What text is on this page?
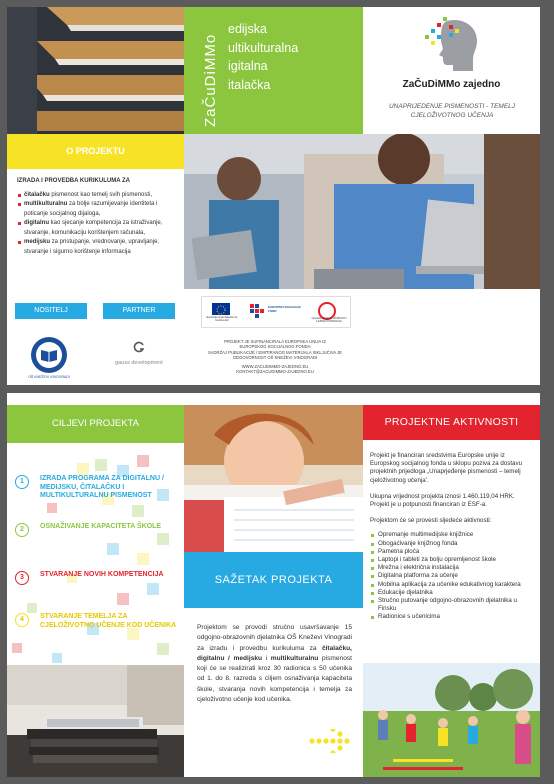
ZaČuDiMMo
edijska
ultikulturalna
igitalna
italačka	ZaČuDiMMo zajedno
UNAPRIJEDENJE PISMENOSTI - TEMELJ CJELOŽIVOTNOG UČENJA
O PROJEKTU
IZRADA I PROVEDBA KURIKULUMA ZA
čitalačku pismenost kao temelj svih pismenosti,
multikulturalnu za bolje razumijevanje identiteta i poticanje socijalnog dijaloga,
digitalnu kao sjecanje kompetencija za istraživanje, stvaranje, komunikaciju korištenjem računala,
medijsku za pristupanje, vrednovanje, upravljanje, stvaranje i sigurno korištenje informacija
NOSITELJ	PARTNER
OŠ KNEŽEVI VINOGRADI
gauss development
Europska unija Zajedno do fondova EU
EUROPSKI SOCIJALNI FOND
Operativni program UČINKOVITI LJUDSKI POTENCIJALI
PROJEKT JE SUFINANCIRALA EUROPSKA UNIJA IZ
EUROPSKOG SOCIJALNOG FONDA
SADRŽAJ PUBLIKACIJE / EMITIRANOG MATERIJALA ISKLJUČIVA JE
ODGOVORNOST OŠ KNEŽEVI VINOGRADI
WWW.ZACUDIMMO-ZAJEDNO.EU
KONTAKT@ZACUDIMMO-ZAJEDNO.EU
CILJEVI PROJEKTA
1	IZRADA PROGRAMA ZA DIGITALNU / MEDIJSKU, ČITALAČKU I MULTIKULTURALNU PISMENOST
2	OSNAŽIVANJE KAPACITETA ŠKOLE
3	STVARANJE NOVIH KOMPETENCIJA
4	STVARANJE TEMELJA ZA CJELOŽIVOTNO UČENJE KOD UČENIKA
SAŽETAK PROJEKTA
Projektom se provodi stručno usavršavanje 15 odgojno-obrazovnih djelatnika OŠ Kneževi Vinogradi za izradu i provedbu kurikuluma za čitalačku, digitalnu / medijsku i multikulturalnu pismenost koji će se realizirati kroz 30 radionica s 50 učenika od 1. do 8. razreda s ciljem osnaživanja kapaciteta škole, stvaranja novih kompetencija i temelja za cjeloživotno učenje kod učenika.
PROJEKTNE AKTIVNOSTI
Projekt je financiran sredstvima Europske unije iz Europskog socijalnog fonda u sklopu poziva za dostavu projektnih prijedloga „Unaprjeđenje pismenosti – temelj cjeloživotnog učenja'.
Ukupna vrijednost projekta iznosi 1.460.119,04 HRK. Projekt je u potpunosti financiran iz ESF-a.
Projektom će se provesti sljedeće aktivnosti:
Opremanje multimedijske knjižnice
Obogaćivanje knjižnog fonda
Pametna ploča
Laptopi i tableti za bolju opremljenost škole
Mrežna i električna instalacija
Digitalna platforma za učenje
Mobilna aplikacija za učenike edukativnog karaktera
Edukacije djelatnika
Stručno putovanje odgojno-obrazovnih djelatnika u Finsku
Radionice s učenicima
